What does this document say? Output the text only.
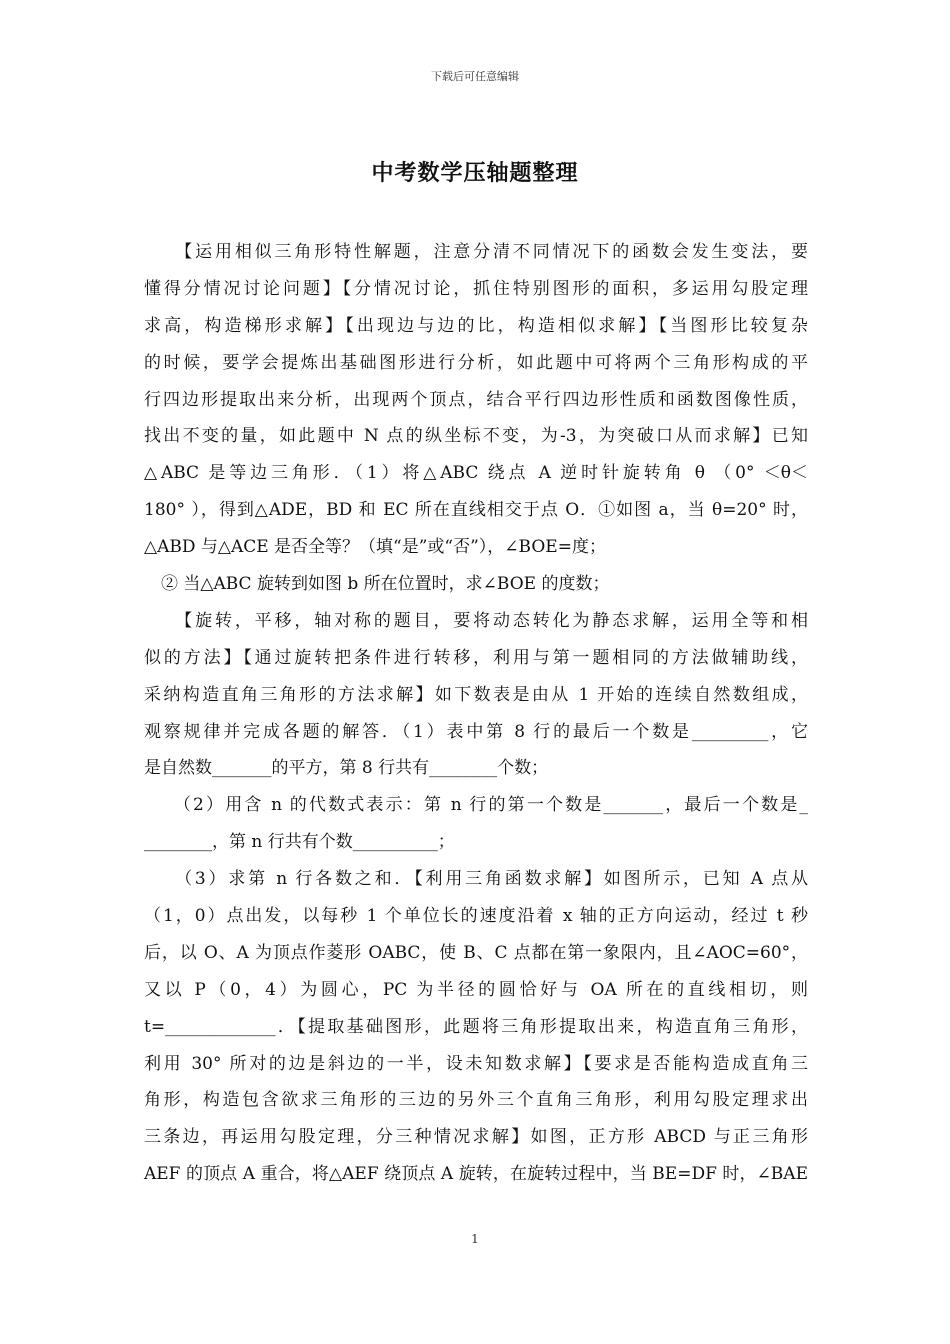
下载后可任意编辑
中考数学压轴题整理
　　【运用相似三角形特性解题，注意分清不同情况下的函数会发生变法，要
懂得分情况讨论问题】【分情况讨论，抓住特别图形的面积，多运用勾股定理
求高，构造梯形求解】【出现边与边的比，构造相似求解】【当图形比较复杂
的时候，要学会提炼出基础图形进行分析，如此题中可将两个三角形构成的平
行四边形提取出来分析，出现两个顶点，结合平行四边形性质和函数图像性质，
找出不变的量，如此题中 N 点的纵坐标不变，为-3，为突破口从而求解】已知
△ABC 是等边三角形．（1）将△ABC 绕点 A 逆时针旋转角 θ （0° ＜θ＜
180° ），得到△ADE，BD 和 EC 所在直线相交于点 O．①如图 a，当 θ=20° 时，
△ABD 与△ACE 是否全等？（填“是”或“否”），∠BOE=度；
　② 当△ABC 旋转到如图 b 所在位置时，求∠BOE 的度数；
　　【旋转，平移，轴对称的题目，要将动态转化为静态求解，运用全等和相
似的方法】【通过旋转把条件进行转移，利用与第一题相同的方法做辅助线，
采纳构造直角三角形的方法求解】如下数表是由从 1 开始的连续自然数组成，
观察规律并完成各题的解答．（1）表中第 8 行的最后一个数是_________，它
是自然数_______的平方，第 8 行共有________个数；
　　（2）用含 n 的代数式表示：第 n 行的第一个数是_______，最后一个数是_
________，第 n 行共有个数__________；
　　（3）求第 n 行各数之和．【利用三角函数求解】如图所示，已知 A 点从
（1，0）点出发，以每秒 1 个单位长的速度沿着 x 轴的正方向运动，经过 t 秒
后，以 O、A 为顶点作菱形 OABC，使 B、C 点都在第一象限内，且∠AOC=60°，
又以 P（0，4）为圆心，PC 为半径的圆恰好与 OA 所在的直线相切，则
t=_____________．【提取基础图形，此题将三角形提取出来，构造直角三角形，
利用 30° 所对的边是斜边的一半，设未知数求解】【要求是否能构造成直角三
角形，构造包含欲求三角形的三边的另外三个直角三角形，利用勾股定理求出
三条边，再运用勾股定理，分三种情况求解】如图，正方形 ABCD 与正三角形
AEF 的顶点 A 重合，将△AEF 绕顶点 A 旋转，在旋转过程中，当 BE=DF 时，∠BAE
1
